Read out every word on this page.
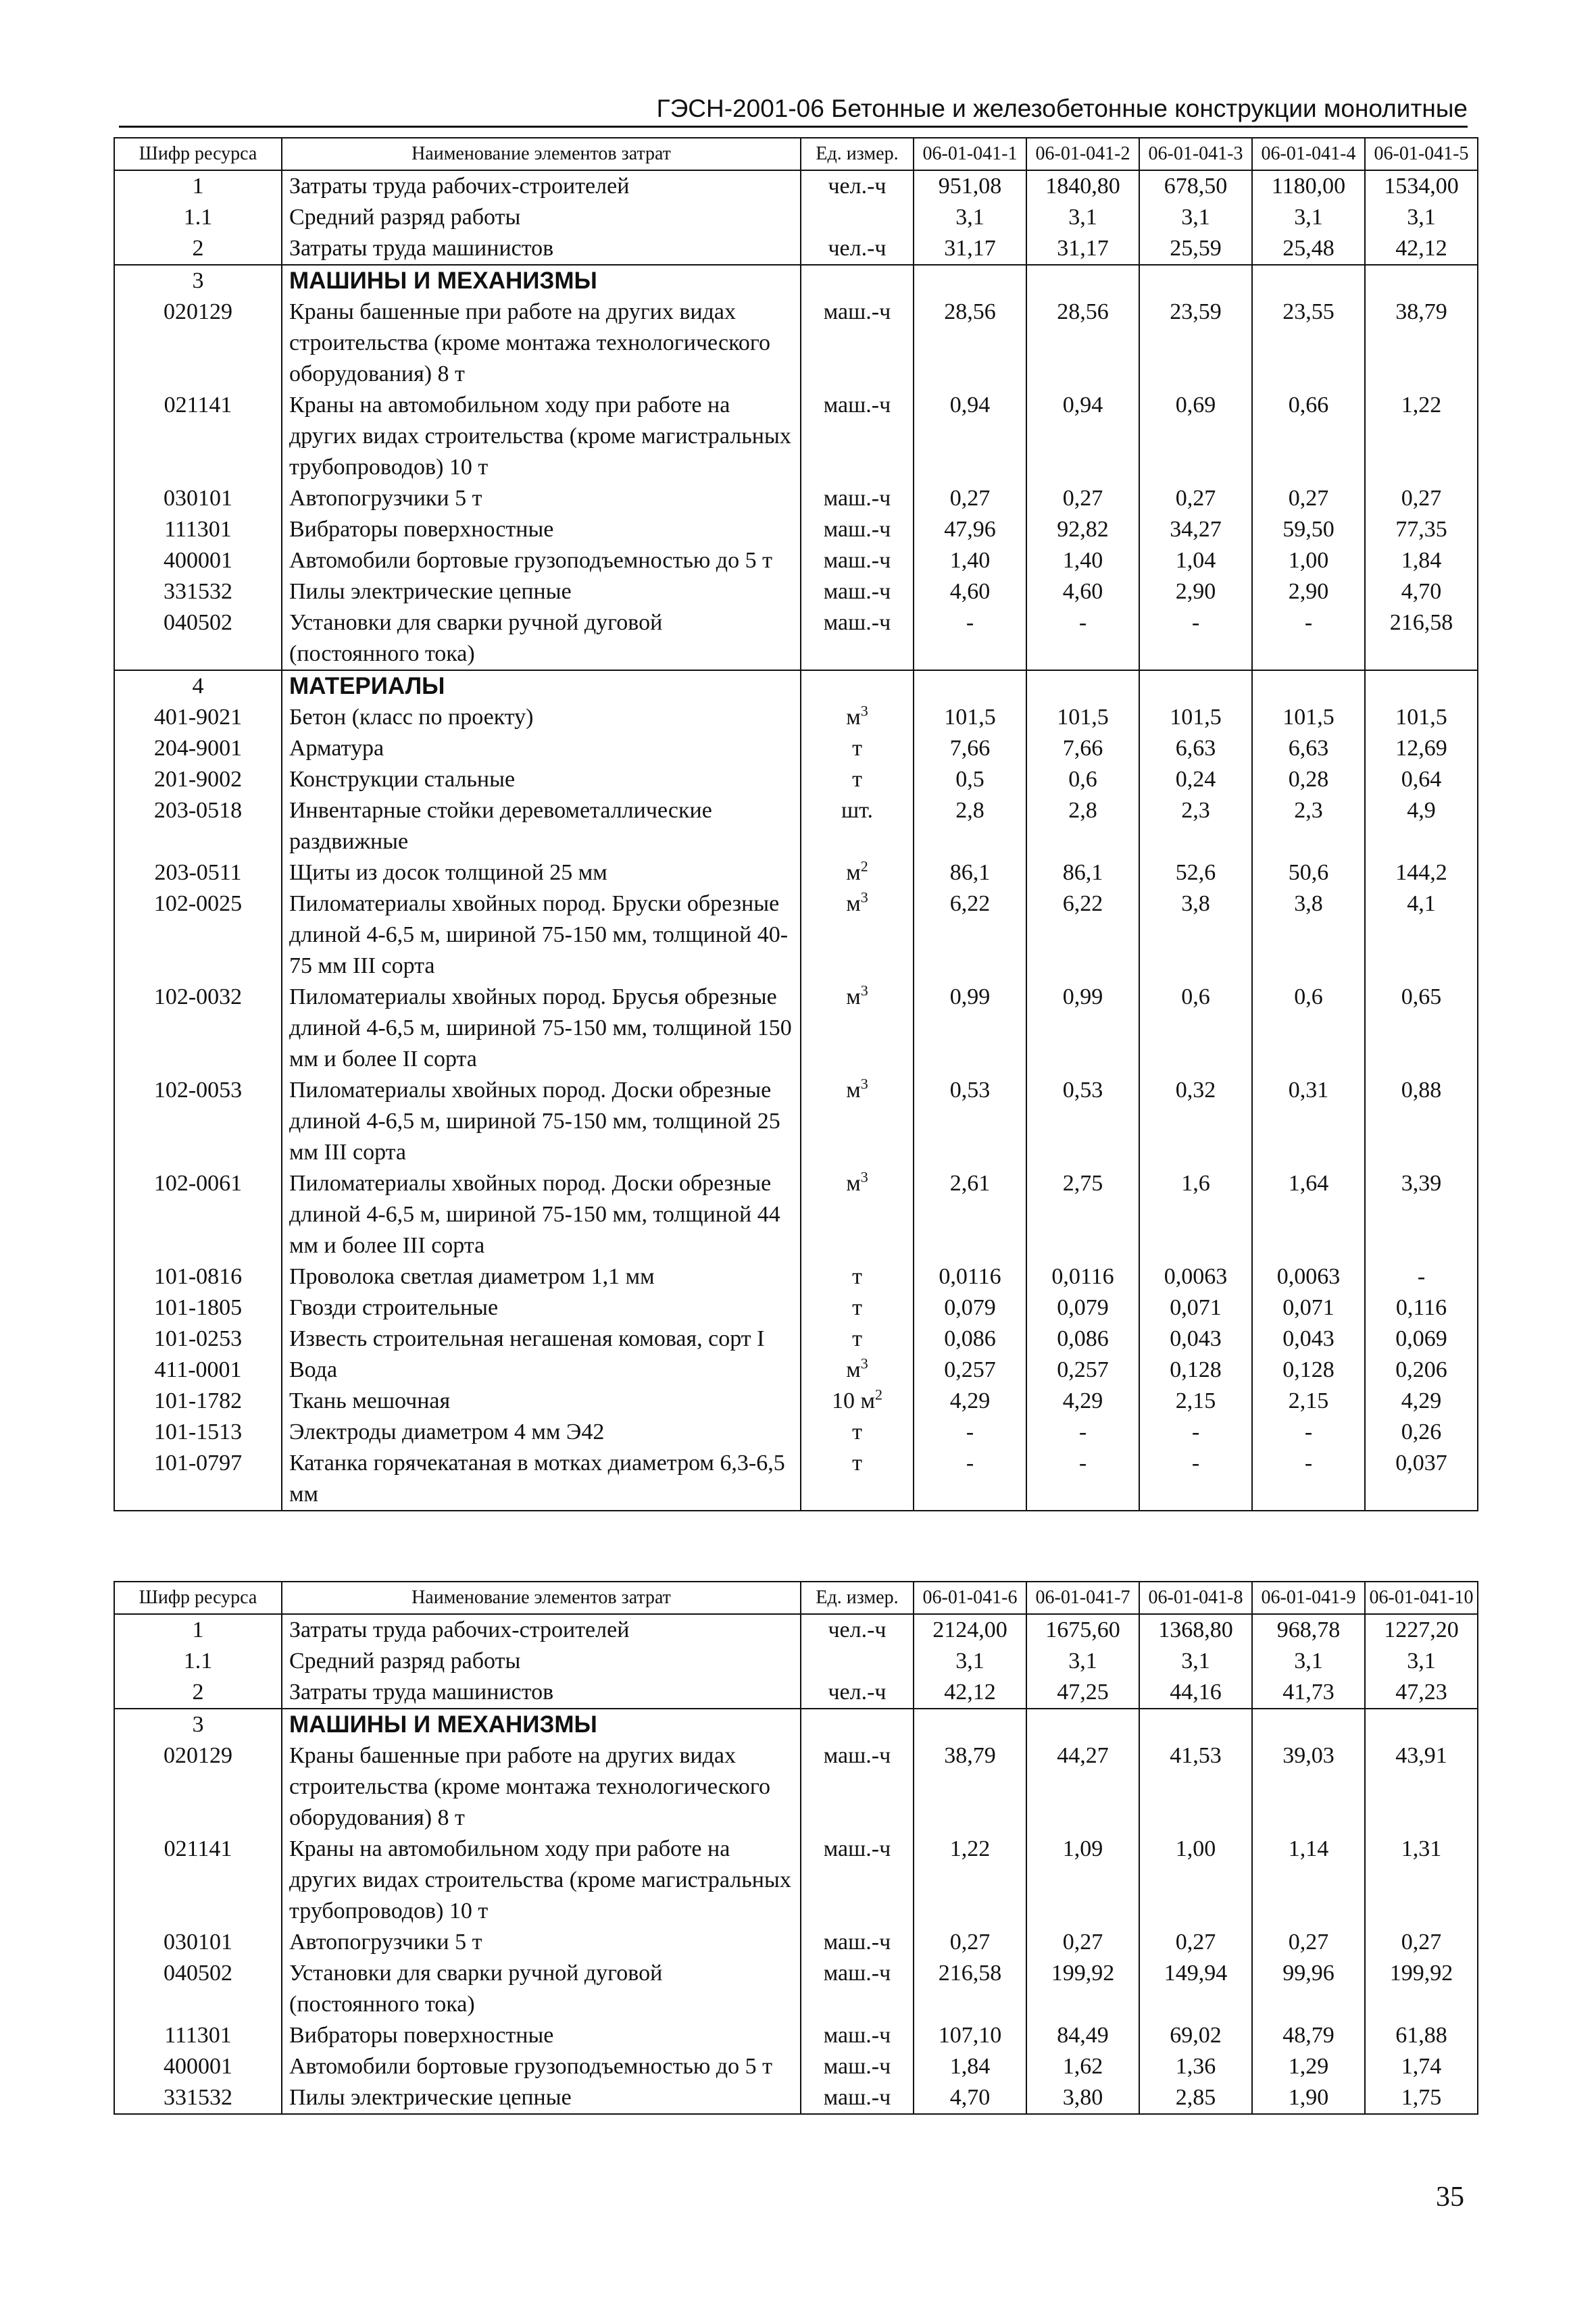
ГЭСН-2001-06 Бетонные и железобетонные конструкции монолитные
Шифр ресурса	Наименование элементов затрат	Ед. измер.	06-01-041-1	06-01-041-2	06-01-041-3	06-01-041-4	06-01-041-5
1	Затраты труда рабочих-строителей	чел.-ч	951,08	1840,80	678,50	1180,00	1534,00
1.1	Средний разряд работы		3,1	3,1	3,1	3,1	3,1
2	Затраты труда машинистов	чел.-ч	31,17	31,17	25,59	25,48	42,12
3	МАШИНЫ И МЕХАНИЗМЫ						
020129	Краны башенные при работе на других видах строительства (кроме монтажа технологического оборудования) 8 т	маш.-ч	28,56	28,56	23,59	23,55	38,79
021141	Краны на автомобильном ходу при работе на других видах строительства (кроме магистральных трубопроводов) 10 т	маш.-ч	0,94	0,94	0,69	0,66	1,22
030101	Автопогрузчики 5 т	маш.-ч	0,27	0,27	0,27	0,27	0,27
111301	Вибраторы поверхностные	маш.-ч	47,96	92,82	34,27	59,50	77,35
400001	Автомобили бортовые грузоподъемностью до 5 т	маш.-ч	1,40	1,40	1,04	1,00	1,84
331532	Пилы электрические цепные	маш.-ч	4,60	4,60	2,90	2,90	4,70
040502	Установки для сварки ручной дуговой (постоянного тока)	маш.-ч	-	-	-	-	216,58
4	МАТЕРИАЛЫ						
401-9021	Бетон (класс по проекту)	$м^3$	101,5	101,5	101,5	101,5	101,5
204-9001	Арматура	т	7,66	7,66	6,63	6,63	12,69
201-9002	Конструкции стальные	т	0,5	0,6	0,24	0,28	0,64
203-0518	Инвентарные стойки деревометаллические раздвижные	шт.	2,8	2,8	2,3	2,3	4,9
203-0511	Щиты из досок толщиной 25 мм	$м^2$	86,1	86,1	52,6	50,6	144,2
102-0025	Пиломатериалы хвойных пород. Бруски обрезные длиной 4-6,5 м, шириной 75-150 мм, толщиной 40-75 мм III сорта	$м^3$	6,22	6,22	3,8	3,8	4,1
102-0032	Пиломатериалы хвойных пород. Брусья обрезные длиной 4-6,5 м, шириной 75-150 мм, толщиной 150 мм и более II сорта	$м^3$	0,99	0,99	0,6	0,6	0,65
102-0053	Пиломатериалы хвойных пород. Доски обрезные длиной 4-6,5 м, шириной 75-150 мм, толщиной 25 мм III сорта	$м^3$	0,53	0,53	0,32	0,31	0,88
102-0061	Пиломатериалы хвойных пород. Доски обрезные длиной 4-6,5 м, шириной 75-150 мм, толщиной 44 мм и более III сорта	$м^3$	2,61	2,75	1,6	1,64	3,39
101-0816	Проволока светлая диаметром 1,1 мм	т	0,0116	0,0116	0,0063	0,0063	-
101-1805	Гвозди строительные	т	0,079	0,079	0,071	0,071	0,116
101-0253	Известь строительная негашеная комовая, сорт I	т	0,086	0,086	0,043	0,043	0,069
411-0001	Вода	$м^3$	0,257	0,257	0,128	0,128	0,206
101-1782	Ткань мешочная	10 $м^2$	4,29	4,29	2,15	2,15	4,29
101-1513	Электроды диаметром 4 мм Э42	т	-	-	-	-	0,26
101-0797	Катанка горячекатаная в мотках диаметром 6,3-6,5 мм	т	-	-	-	-	0,037
Шифр ресурса	Наименование элементов затрат	Ед. измер.	06-01-041-6	06-01-041-7	06-01-041-8	06-01-041-9	06-01-041-10
1	Затраты труда рабочих-строителей	чел.-ч	2124,00	1675,60	1368,80	968,78	1227,20
1.1	Средний разряд работы		3,1	3,1	3,1	3,1	3,1
2	Затраты труда машинистов	чел.-ч	42,12	47,25	44,16	41,73	47,23
3	МАШИНЫ И МЕХАНИЗМЫ						
020129	Краны башенные при работе на других видах строительства (кроме монтажа технологического оборудования) 8 т	маш.-ч	38,79	44,27	41,53	39,03	43,91
021141	Краны на автомобильном ходу при работе на других видах строительства (кроме магистральных трубопроводов) 10 т	маш.-ч	1,22	1,09	1,00	1,14	1,31
030101	Автопогрузчики 5 т	маш.-ч	0,27	0,27	0,27	0,27	0,27
040502	Установки для сварки ручной дуговой (постоянного тока)	маш.-ч	216,58	199,92	149,94	99,96	199,92
111301	Вибраторы поверхностные	маш.-ч	107,10	84,49	69,02	48,79	61,88
400001	Автомобили бортовые грузоподъемностью до 5 т	маш.-ч	1,84	1,62	1,36	1,29	1,74
331532	Пилы электрические цепные	маш.-ч	4,70	3,80	2,85	1,90	1,75
35
